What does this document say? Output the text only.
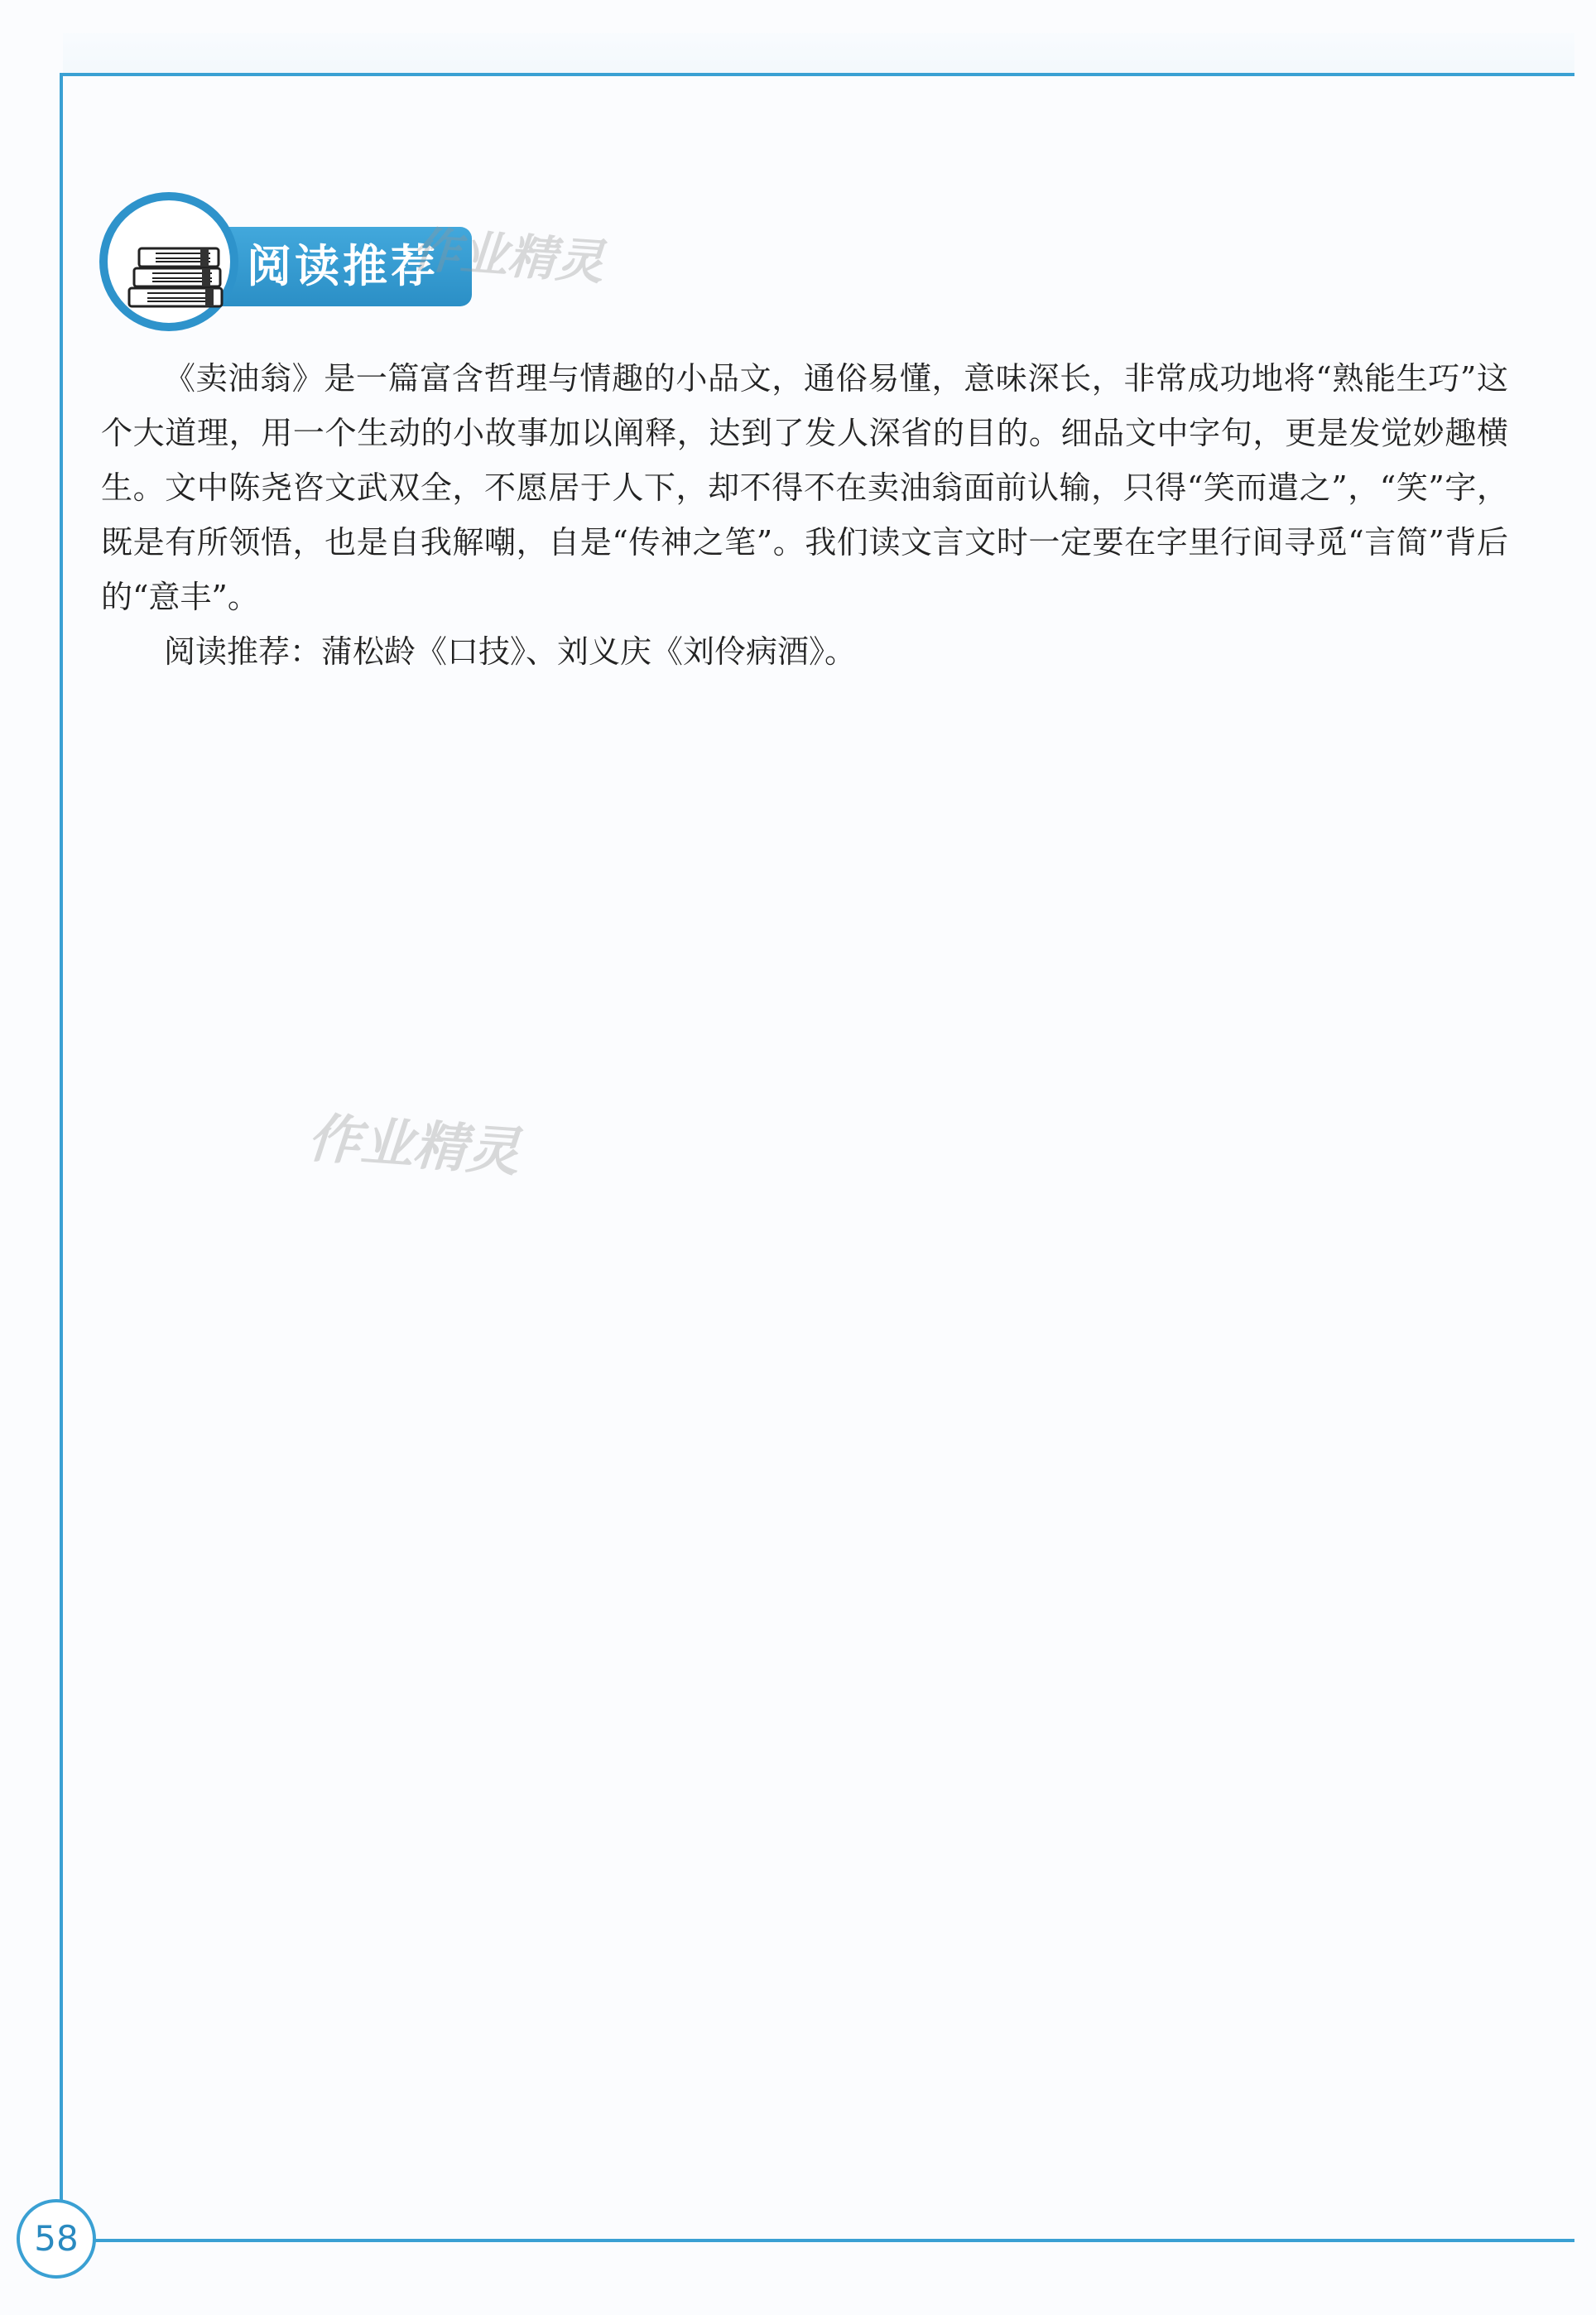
阅读推荐
作业精灵
作业精灵

《卖油翁》是一篇富含哲理与情趣的小品文，通俗易懂，意味深长，非常成功地将“熟能生巧”这个大道理，用一个生动的小故事加以阐释，达到了发人深省的目的。细品文中字句，更是发觉妙趣横生。文中陈尧咨文武双全，不愿居于人下，却不得不在卖油翁面前认输，只得“笑而遣之”，“笑”字，既是有所领悟，也是自我解嘲，自是“传神之笔”。我们读文言文时一定要在字里行间寻觅“言简”背后的“意丰”。

阅读推荐：蒲松龄《口技》、刘义庆《刘伶病酒》。

58
